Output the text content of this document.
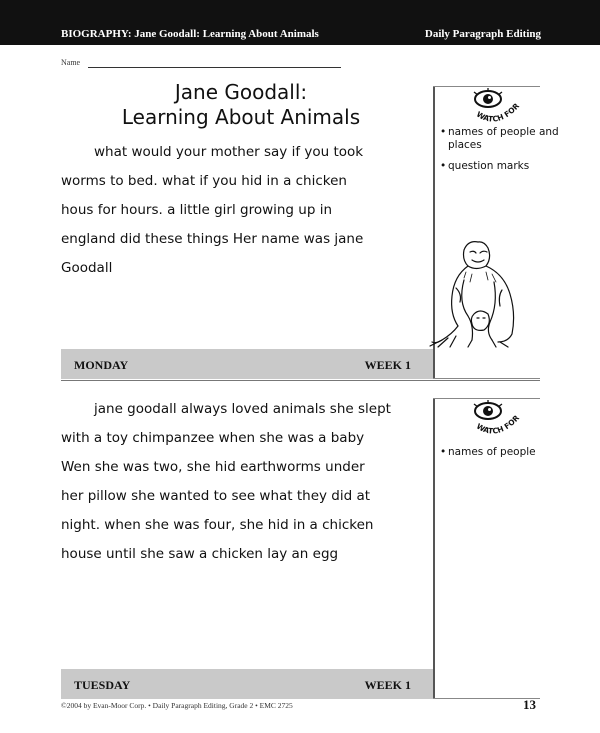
BIOGRAPHY: Jane Goodall: Learning About Animals	Daily Paragraph Editing
Name
Jane Goodall:
Learning About Animals
what would your mother say if you took
worms to bed. what if you hid in a chicken
hous for hours. a little girl growing up in
england did these things Her name was jane
Goodall
WATCH FOR
• names of people and places
• question marks
MONDAY	WEEK 1
jane goodall always loved animals she slept
with a toy chimpanzee when she was a baby
Wen she was two, she hid earthworms under
her pillow she wanted to see what they did at
night. when she was four, she hid in a chicken
house until she saw a chicken lay an egg
WATCH FOR
• names of people
TUESDAY	WEEK 1
©2004 by Evan-Moor Corp. • Daily Paragraph Editing, Grade 2 • EMC 2725	13
